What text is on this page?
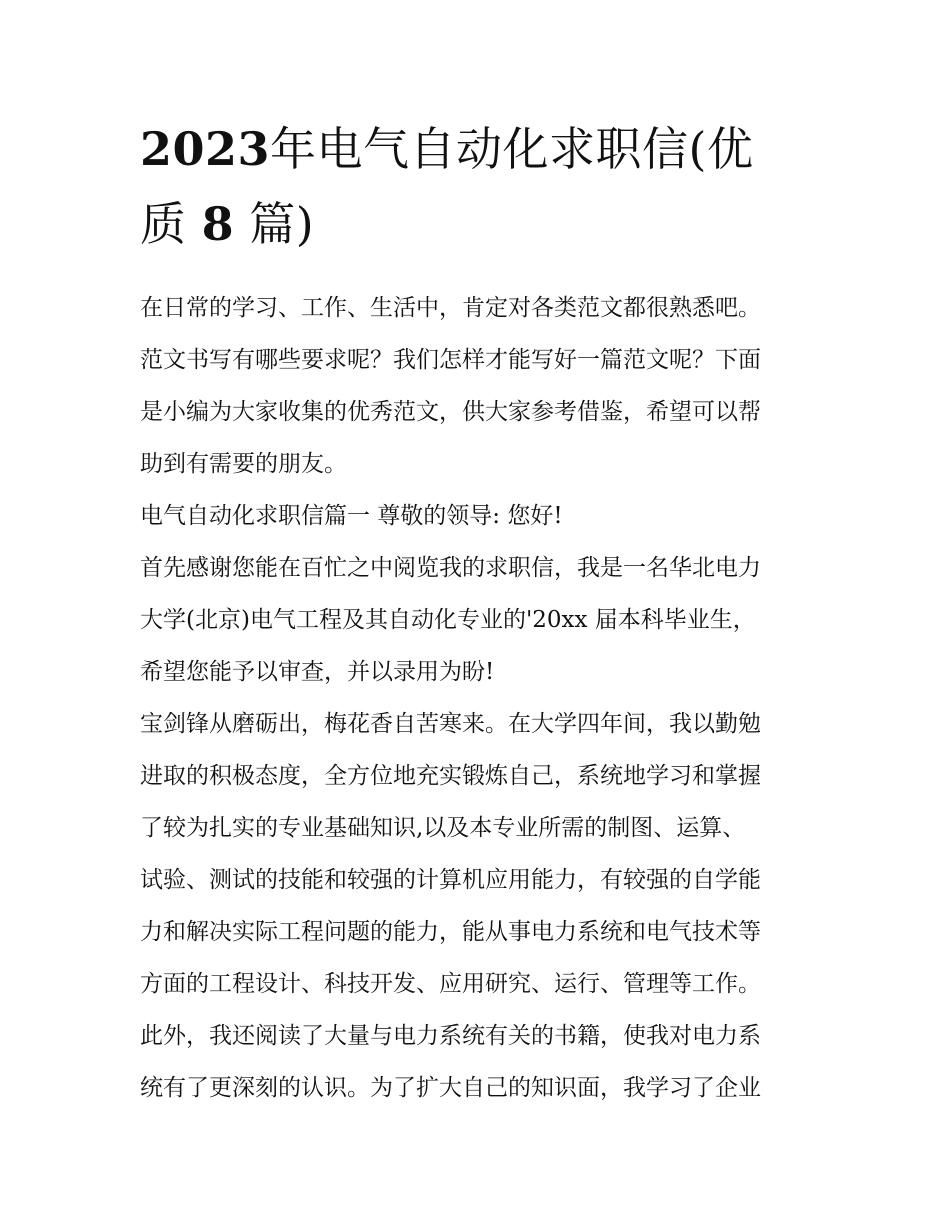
2023年电气自动化求职信(优
质 8 篇)
在日常的学习、工作、生活中，肯定对各类范文都很熟悉吧。
范文书写有哪些要求呢？我们怎样才能写好一篇范文呢？下面
是小编为大家收集的优秀范文，供大家参考借鉴，希望可以帮
助到有需要的朋友。
电气自动化求职信篇一 尊敬的领导: 您好!
首先感谢您能在百忙之中阅览我的求职信，我是一名华北电力
大学(北京)电气工程及其自动化专业的'20xx 届本科毕业生，
希望您能予以审查，并以录用为盼!
宝剑锋从磨砺出，梅花香自苦寒来。在大学四年间，我以勤勉
进取的积极态度，全方位地充实锻炼自己，系统地学习和掌握
了较为扎实的专业基础知识,以及本专业所需的制图、运算、
试验、测试的技能和较强的计算机应用能力，有较强的自学能
力和解决实际工程问题的能力，能从事电力系统和电气技术等
方面的工程设计、科技开发、应用研究、运行、管理等工作。
此外，我还阅读了大量与电力系统有关的书籍，使我对电力系
统有了更深刻的认识。为了扩大自己的知识面，我学习了企业
